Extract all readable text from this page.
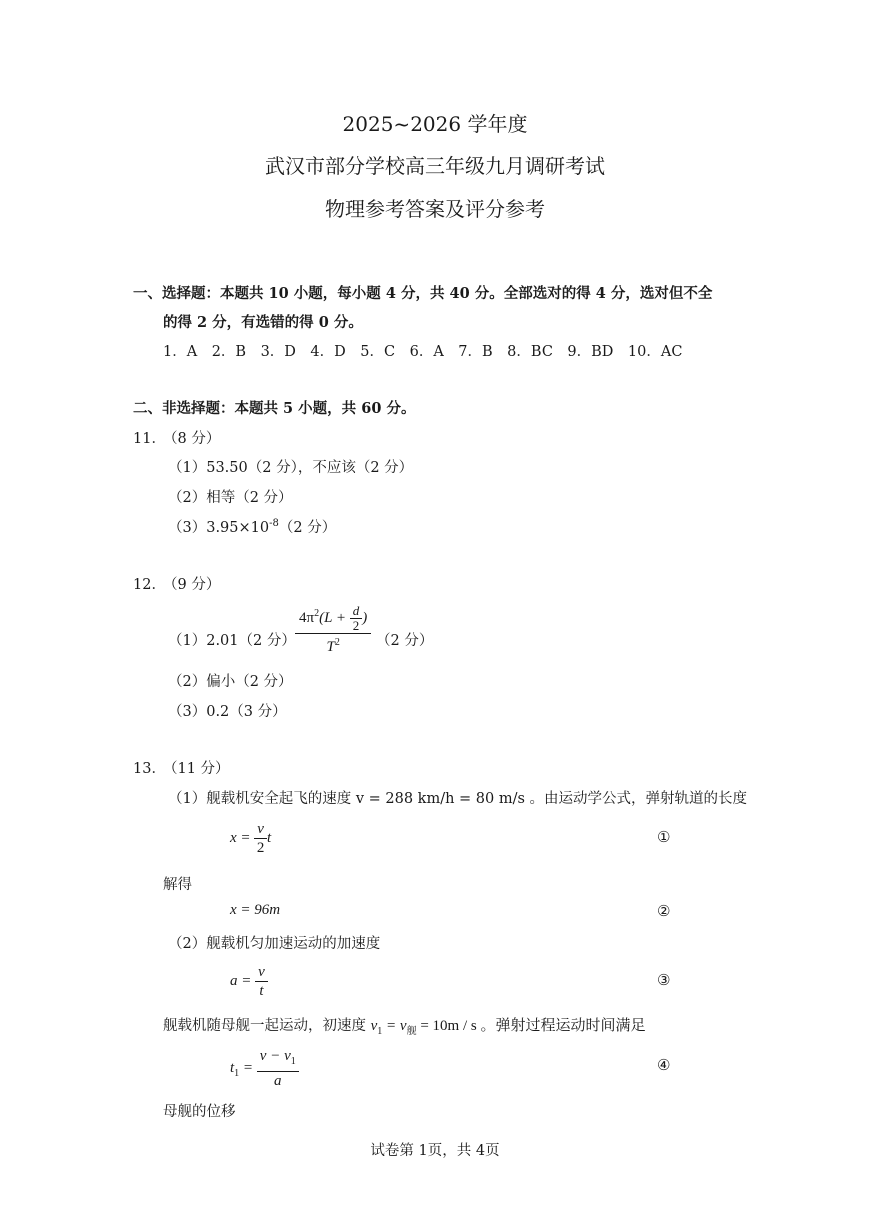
2025~2026 学年度
武汉市部分学校高三年级九月调研考试
物理参考答案及评分参考
一、选择题：本题共 10 小题，每小题 4 分，共 40 分。全部选对的得 4 分，选对但不全
的得 2 分，有选错的得 0 分。
1．A　2．B　3．D　4．D　5．C　6．A　7．B　8．BC　9．BD　10．AC
二、非选择题：本题共 5 小题，共 60 分。
11．
（8 分）
（1）53.50（2 分），不应该（2 分）
（2）相等（2 分）
$(3)3.95\times 10^{-8}(2$ 分）
12．
（9 分）
（1）2.01（2 分） $\frac{4\pi^2(L + \frac{d}{2} )}{T^2} (2$ 分）
（2）偏小（2 分）
（3）0.2（3 分）
13．
（11 分）
（1）舰载机安全起飞的速度 v = 288 km/h = 80 m/s 。由运动学公式，弹射轨道的长度
$x = \frac{v}{2}$ t	①
解得
x = 96m	②
（2）舰载机匀加速运动的加速度
$a = \frac{v}{t}$	③
舰载机随母舰一起运动，初速度 $v_1 = v_舰 = 10m / s$ 。弹射过程运动时间满足
$t_1 = \frac{v - v_1}{a}$	④
母舰的位移
试卷第 1页，共 4页
